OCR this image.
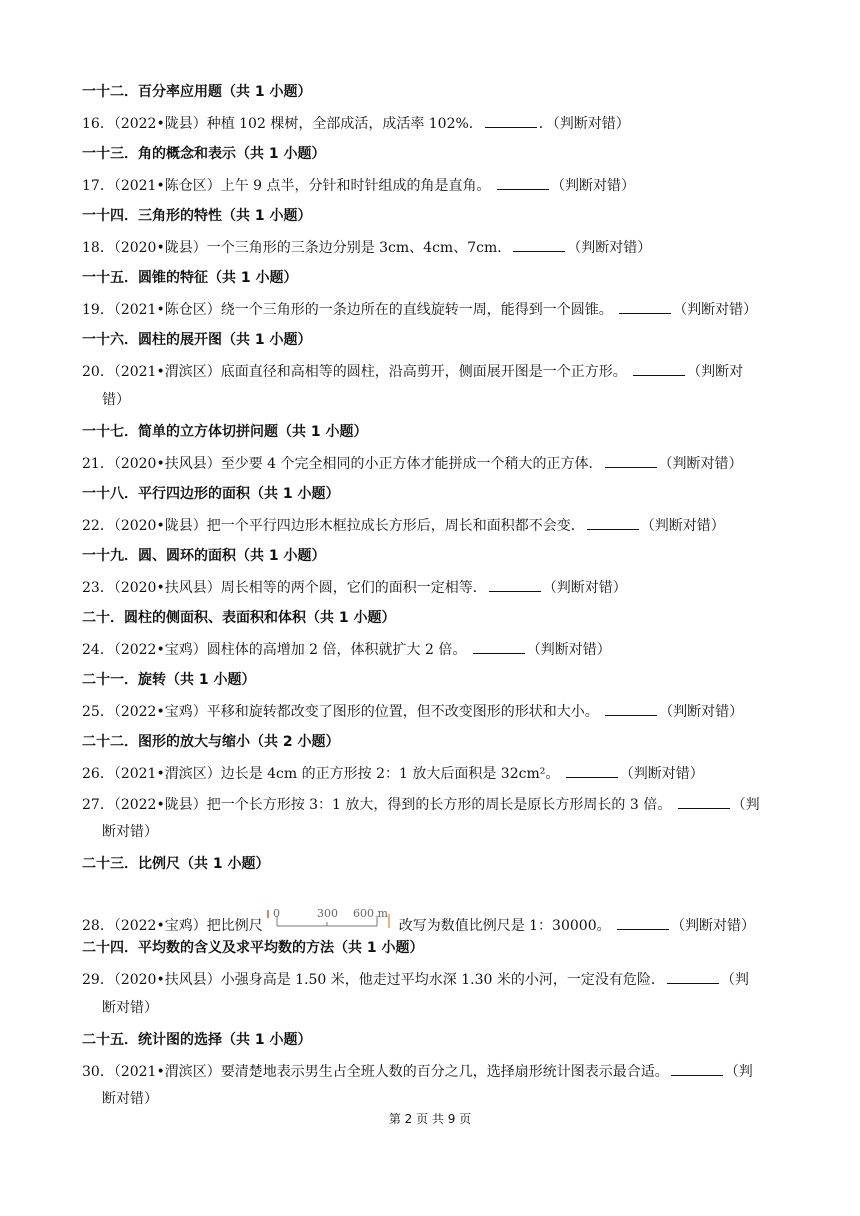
一十二．百分率应用题（共 1 小题）
16．（2022•陇县）种植 102 棵树，全部成活，成活率 102%．	．（判断对错）
一十三．角的概念和表示（共 1 小题）
17．（2021•陈仓区）上午 9 点半，分针和时针组成的角是直角。	（判断对错）
一十四．三角形的特性（共 1 小题）
18．（2020•陇县）一个三角形的三条边分别是 3cm、4cm、7cm．	（判断对错）
一十五．圆锥的特征（共 1 小题）
19．（2021•陈仓区）绕一个三角形的一条边所在的直线旋转一周，能得到一个圆锥。	（判断对错）
一十六．圆柱的展开图（共 1 小题）
20．（2021•渭滨区）底面直径和高相等的圆柱，沿高剪开，侧面展开图是一个正方形。	（判断对
错）
一十七．简单的立方体切拼问题（共 1 小题）
21．（2020•扶风县）至少要 4 个完全相同的小正方体才能拼成一个稍大的正方体．	（判断对错）
一十八．平行四边形的面积（共 1 小题）
22．（2020•陇县）把一个平行四边形木框拉成长方形后，周长和面积都不会变．	（判断对错）
一十九．圆、圆环的面积（共 1 小题）
23．（2020•扶风县）周长相等的两个圆，它们的面积一定相等．	（判断对错）
二十．圆柱的侧面积、表面积和体积（共 1 小题）
24．（2022•宝鸡）圆柱体的高增加 2 倍，体积就扩大 2 倍。	（判断对错）
二十一．旋转（共 1 小题）
25．（2022•宝鸡）平移和旋转都改变了图形的位置，但不改变图形的形状和大小。	（判断对错）
二十二．图形的放大与缩小（共 2 小题）
26．（2021•渭滨区）边长是 4cm 的正方形按 2：1 放大后面积是 32cm²。	（判断对错）
27．（2022•陇县）把一个长方形按 3：1 放大，得到的长方形的周长是原长方形周长的 3 倍。	（判
断对错）
二十三．比例尺（共 1 小题）
28．（2022•宝鸡）把比例尺
0	300 600 m
改写为数值比例尺是 1：30000。	（判断对错）
二十四．平均数的含义及求平均数的方法（共 1 小题）
29．（2020•扶风县）小强身高是 1.50 米，他走过平均水深 1.30 米的小河，一定没有危险．	（判
断对错）
二十五．统计图的选择（共 1 小题）
30．（2021•渭滨区）要清楚地表示男生占全班人数的百分之几，选择扇形统计图表示最合适。	（判
断对错）
第 2 页 共 9 页
